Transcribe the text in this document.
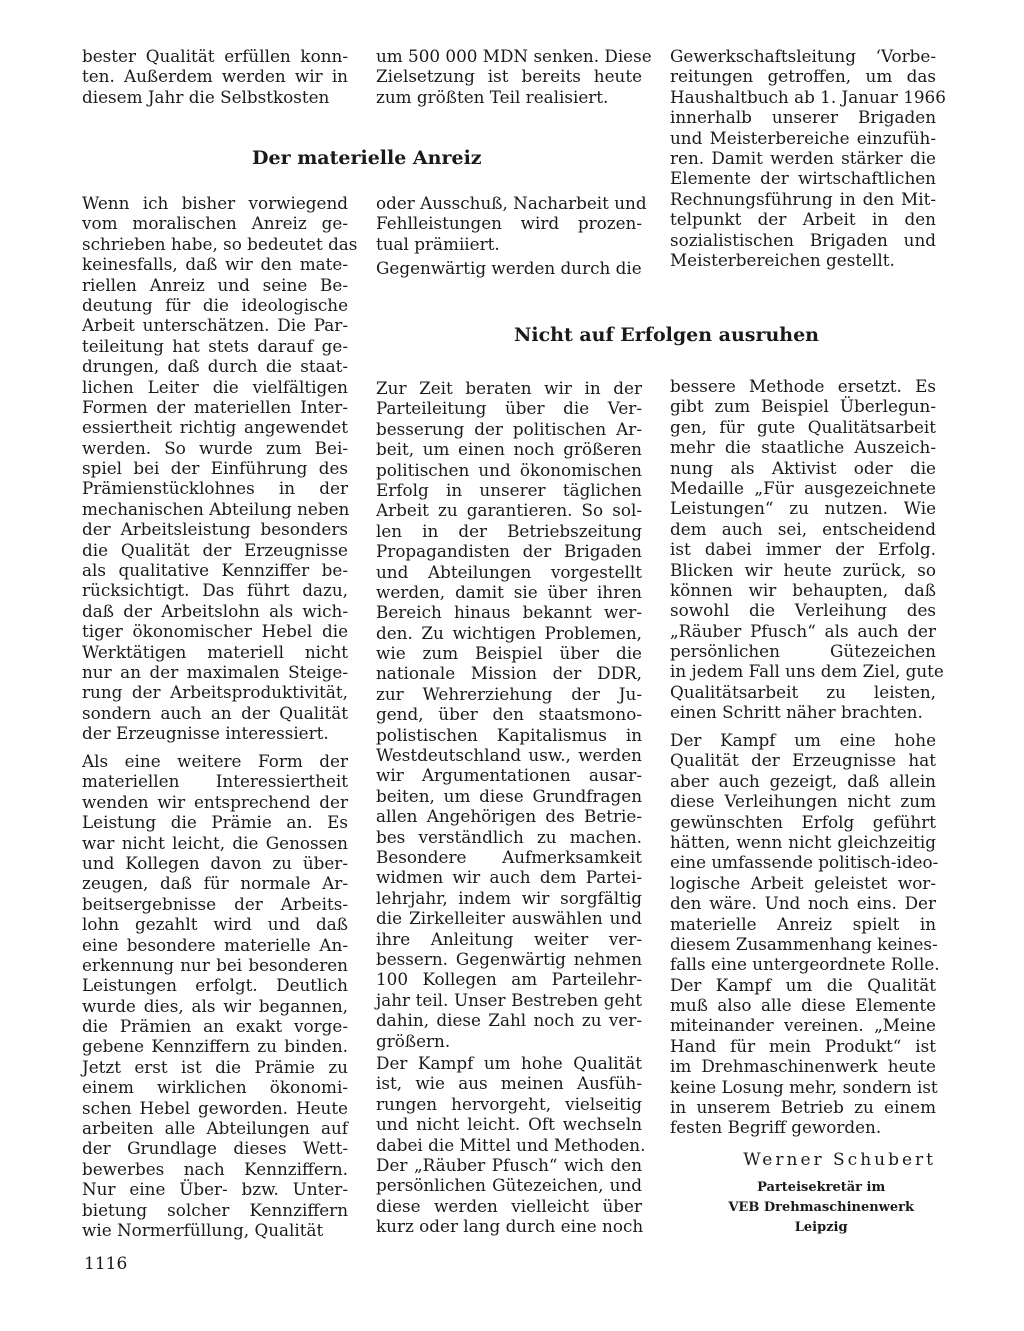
bester Qualität erfüllen konn-
ten. Außerdem werden wir in
diesem Jahr die Selbstkosten
um 500 000 MDN senken. Diese
Zielsetzung ist bereits heute
zum größten Teil realisiert.
Gewerkschaftsleitung ‘Vorbe-
reitungen getroffen, um das
Haushaltbuch ab 1. Januar 1966
innerhalb unserer Brigaden
und Meisterbereiche einzufüh-
ren. Damit werden stärker die
Elemente der wirtschaftlichen
Rechnungsführung in den Mit-
telpunkt der Arbeit in den
sozialistischen Brigaden und
Meisterbereichen gestellt.
Der materielle Anreiz
Wenn ich bisher vorwiegend
vom moralischen Anreiz ge-
schrieben habe, so bedeutet das
keinesfalls, daß wir den mate-
riellen Anreiz und seine Be-
deutung für die ideologische
Arbeit unterschätzen. Die Par-
teileitung hat stets darauf ge-
drungen, daß durch die staat-
lichen Leiter die vielfältigen
Formen der materiellen Inter-
essiertheit richtig angewendet
werden. So wurde zum Bei-
spiel bei der Einführung des
Prämienstücklohnes in der
mechanischen Abteilung neben
der Arbeitsleistung besonders
die Qualität der Erzeugnisse
als qualitative Kennziffer be-
rücksichtigt. Das führt dazu,
daß der Arbeitslohn als wich-
tiger ökonomischer Hebel die
Werktätigen materiell nicht
nur an der maximalen Steige-
rung der Arbeitsproduktivität,
sondern auch an der Qualität
der Erzeugnisse interessiert.
Als eine weitere Form der
materiellen Interessiertheit
wenden wir entsprechend der
Leistung die Prämie an. Es
war nicht leicht, die Genossen
und Kollegen davon zu über-
zeugen, daß für normale Ar-
beitsergebnisse der Arbeits-
lohn gezahlt wird und daß
eine besondere materielle An-
erkennung nur bei besonderen
Leistungen erfolgt. Deutlich
wurde dies, als wir begannen,
die Prämien an exakt vorge-
gebene Kennziffern zu binden.
Jetzt erst ist die Prämie zu
einem wirklichen ökonomi-
schen Hebel geworden. Heute
arbeiten alle Abteilungen auf
der Grundlage dieses Wett-
bewerbes nach Kennziffern.
Nur eine Über- bzw. Unter-
bietung solcher Kennziffern
wie Normerfüllung, Qualität
oder Ausschuß, Nacharbeit und
Fehlleistungen wird prozen-
tual prämiiert.
Gegenwärtig werden durch die
Nicht auf Erfolgen ausruhen
Zur Zeit beraten wir in der
Parteileitung über die Ver-
besserung der politischen Ar-
beit, um einen noch größeren
politischen und ökonomischen
Erfolg in unserer täglichen
Arbeit zu garantieren. So sol-
len in der Betriebszeitung
Propagandisten der Brigaden
und Abteilungen vorgestellt
werden, damit sie über ihren
Bereich hinaus bekannt wer-
den. Zu wichtigen Problemen,
wie zum Beispiel über die
nationale Mission der DDR,
zur Wehrerziehung der Ju-
gend, über den staatsmono-
polistischen Kapitalismus in
Westdeutschland usw., werden
wir Argumentationen ausar-
beiten, um diese Grundfragen
allen Angehörigen des Betrie-
bes verständlich zu machen.
Besondere Aufmerksamkeit
widmen wir auch dem Partei-
lehrjahr, indem wir sorgfältig
die Zirkelleiter auswählen und
ihre Anleitung weiter ver-
bessern. Gegenwärtig nehmen
100 Kollegen am Parteilehr-
jahr teil. Unser Bestreben geht
dahin, diese Zahl noch zu ver-
größern.
Der Kampf um hohe Qualität
ist, wie aus meinen Ausfüh-
rungen hervorgeht, vielseitig
und nicht leicht. Oft wechseln
dabei die Mittel und Methoden.
Der „Räuber Pfusch“ wich den
persönlichen Gütezeichen, und
diese werden vielleicht über
kurz oder lang durch eine noch
bessere Methode ersetzt. Es
gibt zum Beispiel Überlegun-
gen, für gute Qualitätsarbeit
mehr die staatliche Auszeich-
nung als Aktivist oder die
Medaille „Für ausgezeichnete
Leistungen“ zu nutzen. Wie
dem auch sei, entscheidend
ist dabei immer der Erfolg.
Blicken wir heute zurück, so
können wir behaupten, daß
sowohl die Verleihung des
„Räuber Pfusch“ als auch der
persönlichen Gütezeichen
in jedem Fall uns dem Ziel, gute
Qualitätsarbeit zu leisten,
einen Schritt näher brachten.
Der Kampf um eine hohe
Qualität der Erzeugnisse hat
aber auch gezeigt, daß allein
diese Verleihungen nicht zum
gewünschten Erfolg geführt
hätten, wenn nicht gleichzeitig
eine umfassende politisch-ideo-
logische Arbeit geleistet wor-
den wäre. Und noch eins. Der
materielle Anreiz spielt in
diesem Zusammenhang keines-
falls eine untergeordnete Rolle.
Der Kampf um die Qualität
muß also alle diese Elemente
miteinander vereinen. „Meine
Hand für mein Produkt“ ist
im Drehmaschinenwerk heute
keine Losung mehr, sondern ist
in unserem Betrieb zu einem
festen Begriff geworden.
Werner Schubert
Parteisekretär im
VEB Drehmaschinenwerk
Leipzig
1116
